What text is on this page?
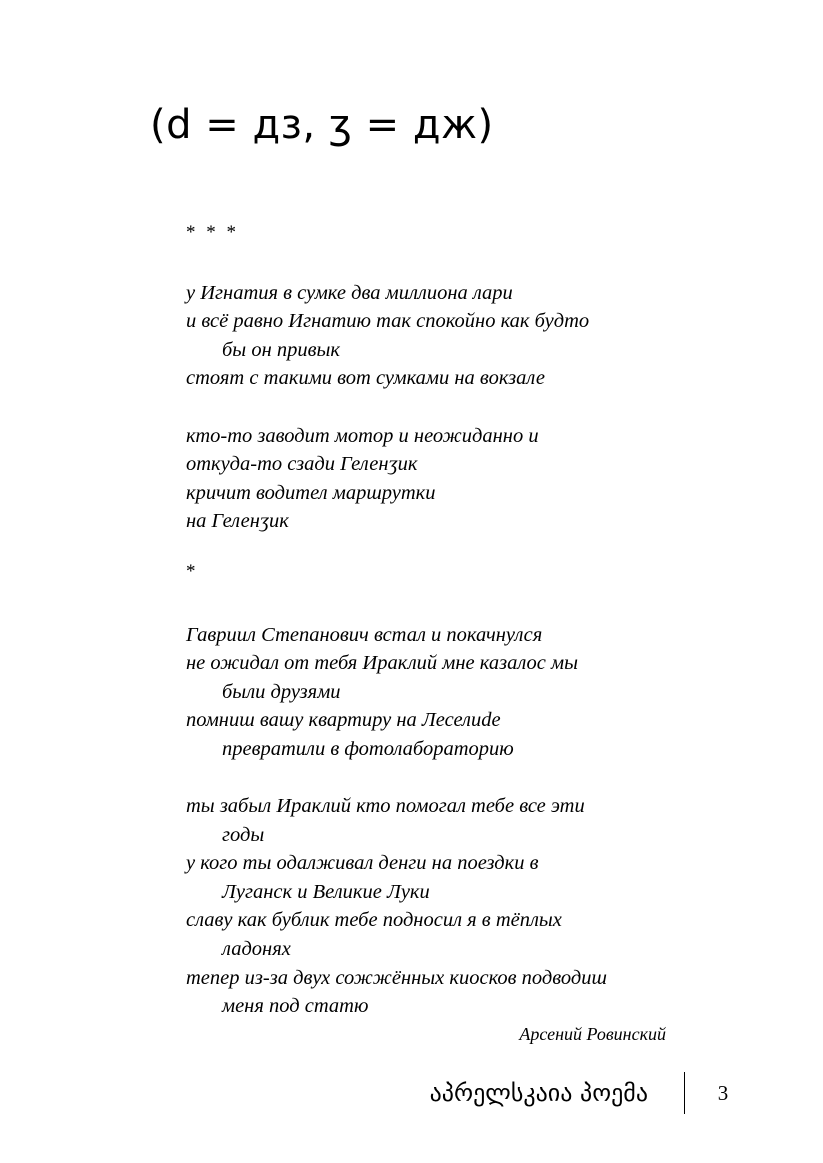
(d = дз, ʒ = дж)
* * *
у Игнатия в сумке два миллиона лари
и всё равно Игнатию так спокойно как будто
бы он привык
стоят с такими вот сумками на вокзале
кто-то заводит мотор и неожиданно и
откуда-то сзади Геленʒик
кричит водител маршрутки
на Геленʒик
*
Гавриил Степанович встал и покачнулся
не ожидал от тебя Ираклий мне казалос мы
были друзями
помниш вашу квартиру на Леселиdе
превратили в фотолабораторию
ты забыл Ираклий кто помогал тебе все эти
годы
у кого ты одалживал денги на поездки в
Луганск и Великие Луки
славу как бублик тебе подносил я в тёплых
ладонях
тепер из-за двух сожжённых киосков подводиш
меня под статю
Арсений Ровинский
აპრელსკაია პოემა	3
